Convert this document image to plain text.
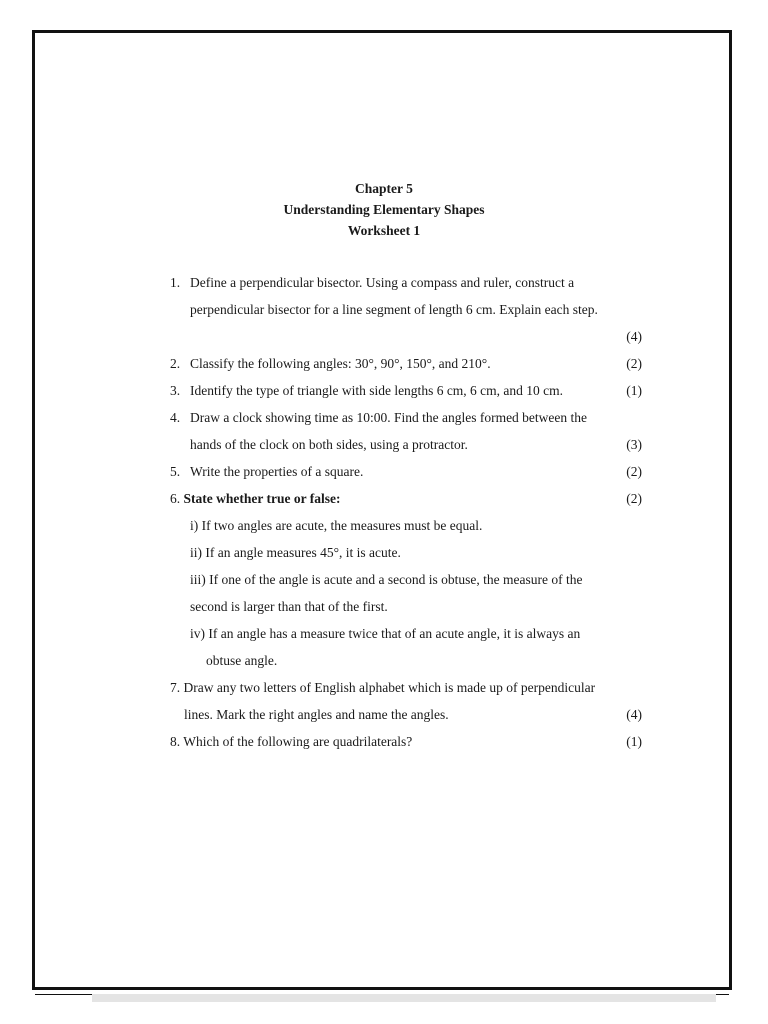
Chapter 5
Understanding Elementary Shapes
Worksheet 1
1. Define a perpendicular bisector. Using a compass and ruler, construct a
perpendicular bisector for a line segment of length 6 cm. Explain each step.
(4)
2. Classify the following angles: 30°, 90°, 150°, and 210°.	(2)
3. Identify the type of triangle with side lengths 6 cm, 6 cm, and 10 cm.	(1)
4. Draw a clock showing time as 10:00. Find the angles formed between the
hands of the clock on both sides, using a protractor.	(3)
5. Write the properties of a square.	(2)
6. State whether true or false:	(2)
i) If two angles are acute, the measures must be equal.
ii) If an angle measures 45°, it is acute.
iii) If one of the angle is acute and a second is obtuse, the measure of the
second is larger than that of the first.
iv) If an angle has a measure twice that of an acute angle, it is always an
obtuse angle.
7. Draw any two letters of English alphabet which is made up of perpendicular
lines. Mark the right angles and name the angles.	(4)
8. Which of the following are quadrilaterals?	(1)
